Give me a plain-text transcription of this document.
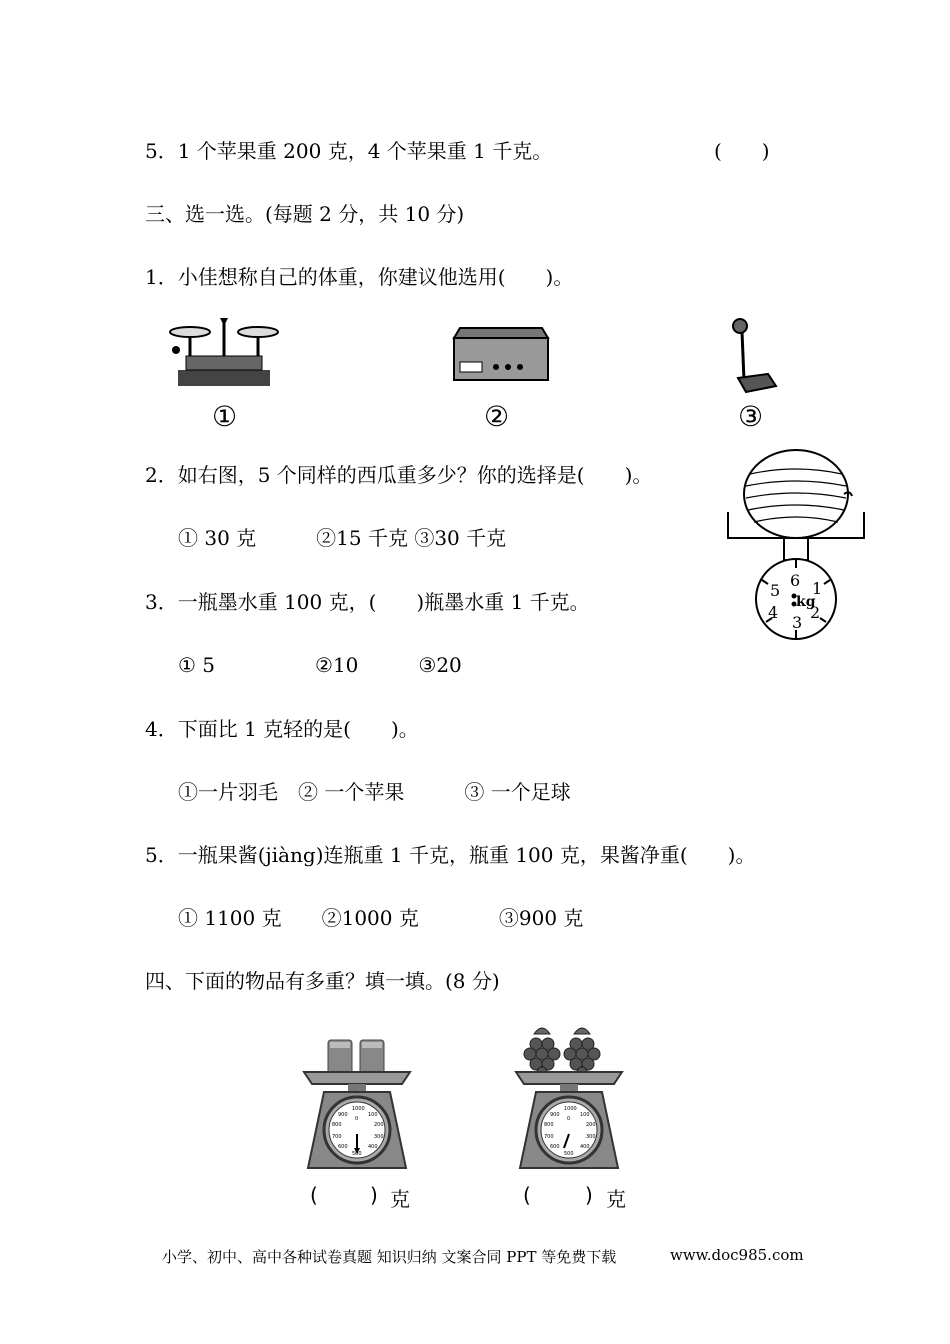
5．1 个苹果重 200 克，4 个苹果重 1 千克。	(　　)
三、选一选。(每题 2 分，共 10 分)
1．小佳想称自己的体重，你建议他选用(　　)。
①	②	③
2．如右图，5 个同样的西瓜重多少？你的选择是(　　)。
① 30 克　　　②15 千克 ③30 千克
6 1
2
3
4
5
kg
3．一瓶墨水重 100 克，(　　)瓶墨水重 1 千克。
① 5　　　　　②10　　　③20
4．下面比 1 克轻的是(　　)。
①一片羽毛　② 一个苹果　　　③ 一个足球
5．一瓶果酱(jiàng)连瓶重 1 千克，瓶重 100 克，果酱净重(　　)。
① 1100 克　　②1000 克　　　　③900 克
四、下面的物品有多重？填一填。(8 分)
1000 100 200 300 400 500 600 700 800 900 0
1000 100 200 300 400 500 600 700 800 900 0
(	) 克	(	) 克
小学、初中、高中各种试卷真题 知识归纳 文案合同 PPT 等免费下载	www.doc985.com
